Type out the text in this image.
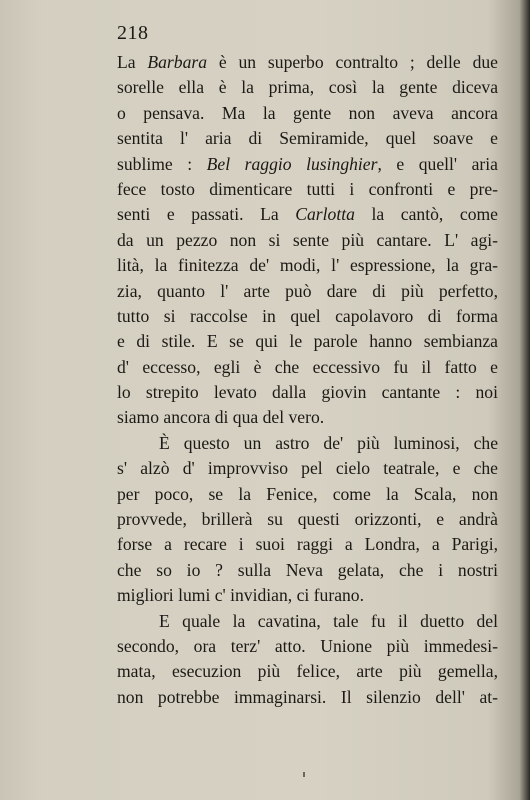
218
La Barbara è un superbo contralto ; delle due
sorelle ella è la prima, così la gente diceva
o pensava. Ma la gente non aveva ancora
sentita l' aria di Semiramide, quel soave e
sublime : Bel raggio lusinghier, e quell' aria
fece tosto dimenticare tutti i confronti e pre-
senti e passati. La Carlotta la cantò, come
da un pezzo non si sente più cantare. L' agi-
lità, la finitezza de' modi, l' espressione, la gra-
zia, quanto l' arte può dare di più perfetto,
tutto si raccolse in quel capolavoro di forma
e di stile. E se qui le parole hanno sembianza
d' eccesso, egli è che eccessivo fu il fatto e
lo strepito levato dalla giovin cantante : noi
siamo ancora di qua del vero.
È questo un astro de' più luminosi, che
s' alzò d' improvviso pel cielo teatrale, e che
per poco, se la Fenice, come la Scala, non
provvede, brillerà su questi orizzonti, e andrà
forse a recare i suoi raggi a Londra, a Parigi,
che so io ? sulla Neva gelata, che i nostri
migliori lumi c' invidian, ci furano.
E quale la cavatina, tale fu il duetto del
secondo, ora terz' atto. Unione più immedesi-
mata, esecuzion più felice, arte più gemella,
non potrebbe immaginarsi. Il silenzio dell' at-
